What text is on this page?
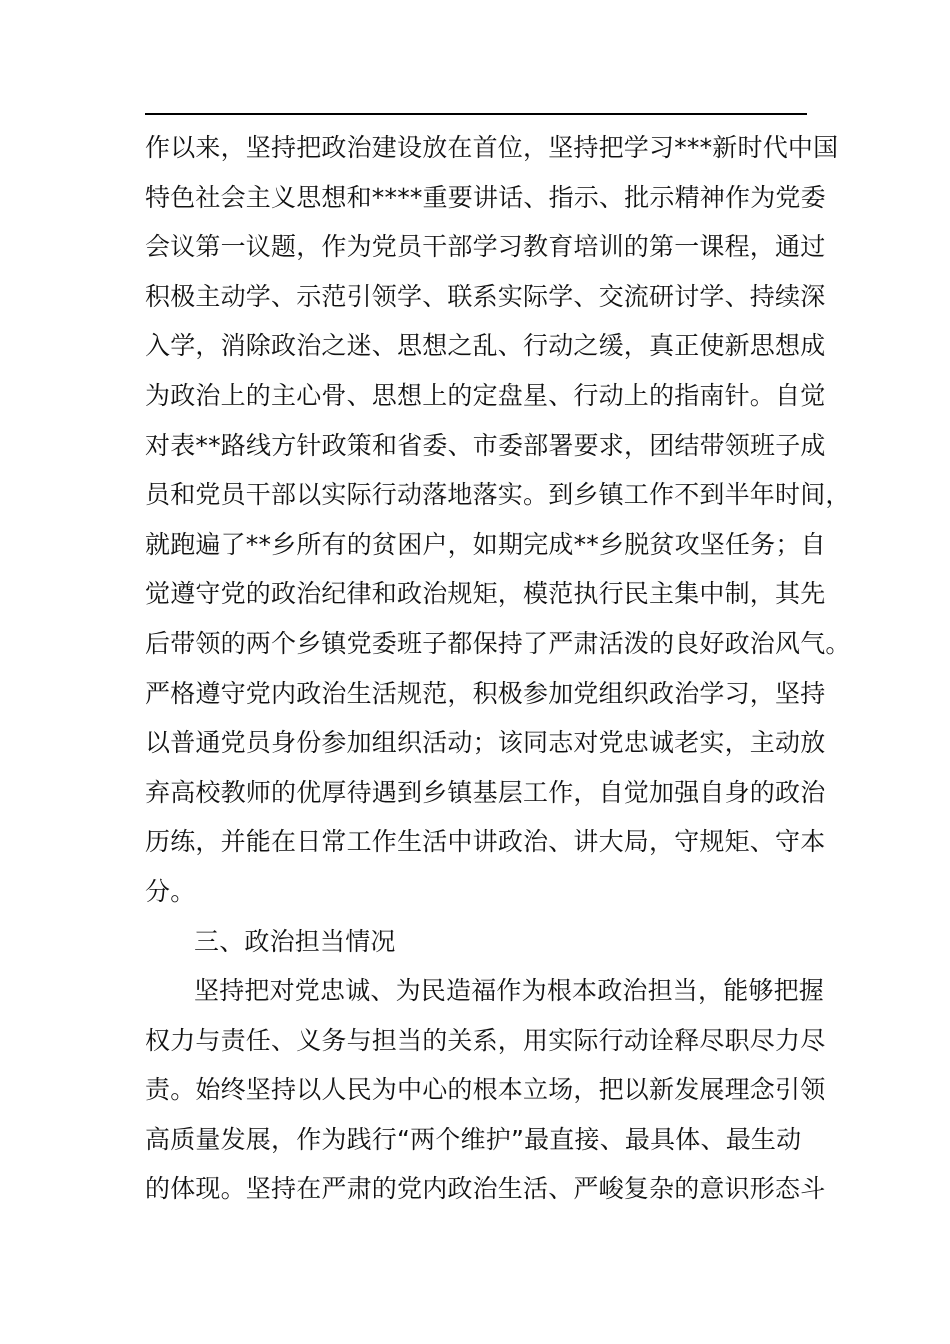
作以来，坚持把政治建设放在首位，坚持把学习***新时代中国
特色社会主义思想和****重要讲话、指示、批示精神作为党委
会议第一议题，作为党员干部学习教育培训的第一课程，通过
积极主动学、示范引领学、联系实际学、交流研讨学、持续深
入学，消除政治之迷、思想之乱、行动之缓，真正使新思想成
为政治上的主心骨、思想上的定盘星、行动上的指南针。自觉
对表**路线方针政策和省委、市委部署要求，团结带领班子成
员和党员干部以实际行动落地落实。到乡镇工作不到半年时间，
就跑遍了**乡所有的贫困户，如期完成**乡脱贫攻坚任务；自
觉遵守党的政治纪律和政治规矩，模范执行民主集中制，其先
后带领的两个乡镇党委班子都保持了严肃活泼的良好政治风气。
严格遵守党内政治生活规范，积极参加党组织政治学习，坚持
以普通党员身份参加组织活动；该同志对党忠诚老实，主动放
弃高校教师的优厚待遇到乡镇基层工作，自觉加强自身的政治
历练，并能在日常工作生活中讲政治、讲大局，守规矩、守本
分。
三、政治担当情况
坚持把对党忠诚、为民造福作为根本政治担当，能够把握
权力与责任、义务与担当的关系，用实际行动诠释尽职尽力尽
责。始终坚持以人民为中心的根本立场，把以新发展理念引领
高质量发展，作为践行“两个维护”最直接、最具体、最生动
的体现。坚持在严肃的党内政治生活、严峻复杂的意识形态斗
